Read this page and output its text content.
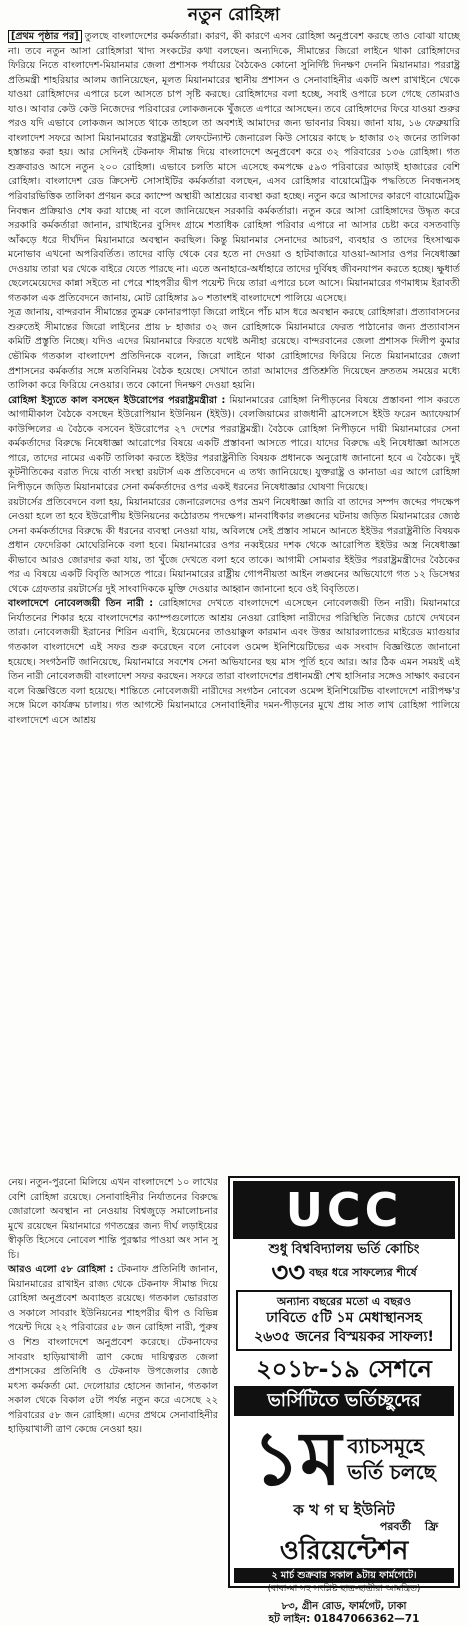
নতুন রোহিঙ্গা

[প্রথম পৃষ্ঠার পর] তুলছে বাংলাদেশের কর্মকর্তারা। কারণ, কী কারণে এসব রোহিঙ্গা অনুপ্রবেশ করছে তাও বোঝা যাচ্ছে না। তবে নতুন আসা রোহিঙ্গারা খাদ্য সংকটের কথা বলছেন। অন্যদিকে, সীমান্তের জিরো লাইনে থাকা রোহিঙ্গাদের ফিরিয়ে নিতে বাংলাদেশ-মিয়ানমার জেলা প্রশাসক পর্যায়ের বৈঠকেও কোনো সুনির্দিষ্ট দিনক্ষণ দেননি মিয়ানমার। পররাষ্ট্র প্রতিমন্ত্রী শাহরিয়ার আলম জানিয়েছেন, মূলত মিয়ানমারের স্থানীয় প্রশাসন ও সেনাবাহিনীর একটি অংশ রাখাইনে থেকে যাওয়া রোহিঙ্গাদের এপারে চলে আসতে চাপ সৃষ্টি করছে। রোহিঙ্গাদের বলা হচ্ছে, সবাই ওপারে চলে গেছে তোমরাও যাও। আবার কেউ কেউ নিজেদের পরিবারের লোকজনকে খুঁজতে এপারে আসছেন। তবে রোহিঙ্গাদের ফিরে যাওয়া শুরুর পরও যদি এভাবে লোকজন আসতে থাকে তাহলে তা অবশ্যই আমাদের জন্য ভাবনার বিষয়। জানা যায়, ১৬ ফেব্রুয়ারি বাংলাদেশ সফরে আসা মিয়ানমারের স্বরাষ্ট্রমন্ত্রী লেফটেন্যান্ট জেনারেল কিউ সোয়ের কাছে ৮ হাজার ৩২ জনের তালিকা হস্তান্তর করা হয়। আর সেদিনই টেকনাফ সীমান্ত দিয়ে বাংলাদেশে অনুপ্রবেশ করে ৩২ পরিবারের ১৩৬ রোহিঙ্গা। গত শুক্রবারও আসে নতুন ২০০ রোহিঙ্গা। এভাবে চলতি মাসে এসেছে কমপক্ষে ৫৯৩ পরিবারের আড়াই হাজারের বেশি রোহিঙ্গা। বাংলাদেশ রেড ক্রিসেন্ট সোসাইটির কর্মকর্তারা বলছেন, এসব রোহিঙ্গার বায়োমেট্রিক পদ্ধতিতে নিবন্ধনসহ পরিবারভিত্তিক তালিকা প্রণয়ন করে ক্যাম্পে অস্থায়ী আশ্রয়ের ব্যবস্থা করা হচ্ছে। নতুন করে আসাদের কারণে বায়োমেট্রিক নিবন্ধন প্রক্রিয়াও শেষ করা যাচ্ছে না বলে জানিয়েছেন সরকারি কর্মকর্তারা। নতুন করে আসা রোহিঙ্গাদের উদ্ধৃত করে সরকারি কর্মকর্তারা জানান, রাখাইনের বুসিদং গ্রামে শতাধিক রোহিঙ্গা পরিবার এপারে না আসার চেষ্টা করে বসতবাড়ি আঁকড়ে ধরে দীর্ঘদিন মিয়ানমারে অবস্থান করছিল। কিন্তু মিয়ানমার সেনাদের আচরণ, ব্যবহার ও তাদের হিংসাত্মক মনোভাব এখনো অপরিবর্তিত। তাদের বাড়ি থেকে বের হতে না দেওয়া ও হাটবাজারে যাওয়া-আসার ওপর নিষেধাজ্ঞা দেওয়ায় তারা ঘর থেকে বাইরে যেতে পারছে না। এতে অনাহারে-অর্ধাহারে তাদের দুর্বিষহ জীবনযাপন করতে হচ্ছে। ক্ষুধার্ত ছেলেমেয়েদের কান্না সইতে না পেরে শাহপরীর দ্বীপ পয়েন্ট দিয়ে তারা এপারে চলে আসে। মিয়ানমারের গণমাধ্যম ইরাবতী গতকাল এক প্রতিবেদনে জানায়, মোট রোহিঙ্গার ৯০ শতাংশই বাংলাদেশে পালিয়ে এসেছে।

সূত্র জানায়, বান্দরবান সীমান্তের তুমব্রু কোনারপাড়া জিরো লাইনে পাঁচ মাস ধরে অবস্থান করছে রোহিঙ্গারা। প্রত্যাবাসনের শুরুতেই সীমান্তের জিরো লাইনের প্রায় ৮ হাজার ৩২ জন রোহিঙ্গাকে মিয়ানমারে ফেরত পাঠানোর জন্য প্রত্যাবাসন কমিটি প্রস্তুতি নিচ্ছে। যদিও এদের মিয়ানমারে ফিরতে যথেষ্ট অনীহা রয়েছে। বান্দরবানের জেলা প্রশাসক দিলীপ কুমার ভৌমিক গতকাল বাংলাদেশ প্রতিদিনকে বলেন, জিরো লাইনে থাকা রোহিঙ্গাদের ফিরিয়ে নিতে মিয়ানমারের জেলা প্রশাসনের কর্মকর্তার সঙ্গে মতবিনিময় বৈঠক হয়েছে। সেখানে তারা আমাদের প্রতিশ্রুতি দিয়েছেন দ্রুততম সময়ের মধ্যে তালিকা করে ফিরিয়ে নেওয়ার। তবে কোনো দিনক্ষণ দেওয়া হয়নি।

রোহিঙ্গা ইস্যুতে কাল বসছেন ইউরোপের পররাষ্ট্রমন্ত্রীরা : মিয়ানমারের রোহিঙ্গা নিপীড়নের বিষয়ে প্রস্তাবনা পাস করতে আগামীকাল বৈঠকে বসছেন ইউরোপিয়ান ইউনিয়ন (ইইউ)। বেলজিয়ামের রাজধানী ব্রাসেলসে ইইউ ফরেন অ্যাফেয়ার্স কাউন্সিলের এ বৈঠকে বসবেন ইউরোপের ২৭ দেশের পররাষ্ট্রমন্ত্রী। বৈঠকে রোহিঙ্গা নিপীড়নে দায়ী মিয়ানমারের সেনা কর্মকর্তাদের বিরুদ্ধে নিষেধাজ্ঞা আরোপের বিষয়ে একটি প্রস্তাবনা আসতে পারে। যাদের বিরুদ্ধে এই নিষেধাজ্ঞা আসতে পারে, তাদের নামের একটি তালিকা করতে ইইউর পররাষ্ট্রনীতি বিষয়ক প্রধানকে অনুরোধ জানানো হবে এ বৈঠকে। দুই কূটনীতিকের বরাত দিয়ে বার্তা সংস্থা রয়টার্স এক প্রতিবেদনে এ তথ্য জানিয়েছে। যুক্তরাষ্ট্র ও কানাডা এর আগে রোহিঙ্গা নিপীড়নে জড়িত মিয়ানমারের সেনা কর্মকর্তাদের ওপর একই ধরনের নিষেধাজ্ঞার ঘোষণা দিয়েছে।

রয়টার্সের প্রতিবেদনে বলা হয়, মিয়ানমারের জেনারেলদের ওপর ভ্রমণ নিষেধাজ্ঞা জারি বা তাদের সম্পদ জব্দের পদক্ষেপ নেওয়া হলে তা হবে ইউরোপীয় ইউনিয়নের কঠোরতম পদক্ষেপ। মানবাধিকার লঙ্ঘনের ঘটনায় জড়িত মিয়ানমারের জ্যেষ্ঠ সেনা কর্মকর্তাদের বিরুদ্ধে কী ধরনের ব্যবস্থা নেওয়া যায়, অবিলম্বে সেই প্রস্তাব সামনে আনতে ইইউর পররাষ্ট্রনীতি বিষয়ক প্রধান ফেদেরিকা মোঘেরিনিকে বলা হবে। মিয়ানমারের ওপর নব্বইয়ের দশক থেকে আরোপিত ইইউর অস্ত্র নিষেধাজ্ঞা কীভাবে আরও জোরদার করা যায়, তা খুঁজে দেখতে বলা হবে তাকে। আগামী সোমবার ইইউর পররাষ্ট্রমন্ত্রীদের বৈঠকের পর এ বিষয়ে একটি বিবৃতি আসতে পারে। মিয়ানমারের রাষ্ট্রীয় গোপনীয়তা আইন লঙ্ঘনের অভিযোগে গত ১২ ডিসেম্বর থেকে গ্রেফতার রয়টার্সের দুই সাংবাদিককে মুক্তি দেওয়ার আহ্বান জানানো হবে ওই বিবৃতিতে।

বাংলাদেশে নোবেলজয়ী তিন নারী : রোহিঙ্গাদের দেখতে বাংলাদেশে এসেছেন নোবেলজয়ী তিন নারী। মিয়ানমারে নির্যাতনের শিকার হয়ে বাংলাদেশের ক্যাম্পগুলোতে আশ্রয় নেওয়া রোহিঙ্গা নারীদের পরিস্থিতি নিজের চোখে দেখবেন তারা। নোবেলজয়ী ইরানের শিরিন এবাদি, ইয়েমেনের তাওয়াক্কুল কারমান এবং উত্তর আয়ারল্যান্ডের মাইরেড ম্যাগুয়ার গতকাল বাংলাদেশে এই সফর শুরু করেছেন বলে নোবেল ওমেন্স ইনিশিয়েটিভের এক সংবাদ বিজ্ঞপ্তিতে জানানো হয়েছে। সংগঠনটি জানিয়েছে, মিয়ানমারে সবশেষ সেনা অভিযানের ছয় মাস পূর্তি হবে আর। আর ঠিক এমন সময়ই এই তিন নারী নোবেলজয়ী বাংলাদেশ সফর করছেন। সফরে তারা বাংলাদেশের প্রধানমন্ত্রী শেখ হাসিনার সঙ্গেও সাক্ষাৎ করবেন বলে বিজ্ঞপ্তিতে বলা হয়েছে। শান্তিতে নোবেলজয়ী নারীদের সংগঠন নোবেল ওমেন্স ইনিশিয়েটিভ বাংলাদেশে নারীপক্ষ'র সঙ্গে মিলে কার্যক্রম চালায়। গত আগস্টে মিয়ানমারে সেনাবাহিনীর দমন-পীড়নের মুখে প্রায় সাত লাখ রোহিঙ্গা পালিয়ে বাংলাদেশে এসে আশ্রয়

নেয়। নতুন-পুরনো মিলিয়ে এখন বাংলাদেশে ১০ লাখের বেশি রোহিঙ্গা রয়েছে। সেনাবাহিনীর নির্যাতনের বিরুদ্ধে জোরালো অবস্থান না নেওয়ায় বিশ্বজুড়ে সমালোচনার মুখে রয়েছেন মিয়ানমারে গণতন্ত্রের জন্য দীর্ঘ লড়াইয়ের স্বীকৃতি হিসেবে নোবেল শান্তি পুরস্কার পাওয়া অং সান সু চি।

আরও এলো ৫৮ রোহিঙ্গা : টেকনাফ প্রতিনিধি জানান, মিয়ানমারের রাখাইন রাজ্য থেকে টেকনাফ সীমান্ত দিয়ে রোহিঙ্গা অনুপ্রবেশ অব্যাহত রয়েছে। গতকাল ভোররাত ও সকালে সাবরাং ইউনিয়নের শাহপরীর দ্বীপ ও বিভিন্ন পয়েন্ট দিয়ে ২২ পরিবারের ৫৮ জন রোহিঙ্গা নারী, পুরুষ ও শিশু বাংলাদেশে অনুপ্রবেশ করেছে। টেকনাফের সাবরাং হাড়িয়াখালী ত্রাণ কেন্দ্রে দায়িত্বরত জেলা প্রশাসকের প্রতিনিধি ও টেকনাফ উপজেলার জ্যেষ্ঠ মৎস্য কর্মকর্তা মো. দেলোয়ার হোসেন জানান, গতকাল সকাল থেকে বিকাল ৫টা পর্যন্ত নতুন করে এসেছে ২২ পরিবারের ৫৮ জন রোহিঙ্গা। এদের প্রথমে সেনাবাহিনীর হাড়িয়াখালী ত্রাণ কেন্দ্রে নেওয়া হয়।

UCC
শুধু বিশ্ববিদ্যালয় ভর্তি কোচিং
৩৩ বছর ধরে সাফল্যের শীর্ষে
অন্যান্য বছরের মতো এ বছরও
ঢাবিতে ৫টি ১ম মেধাস্থানসহ
২৬৩৫ জনের বিস্ময়কর সাফল্য!
২০১৮-১৯ সেশনে
ভার্সিটিতে ভর্তিচ্ছুদের
১ম ব্যাচসমূহে
ভর্তি চলছে
ক খ গ ঘ ইউনিট
পরবর্তী ফ্রি
ওরিয়েন্টেশন
২ মার্চ শুক্রবার সকাল ৯টায় ফার্মগেটে।
(বাবা-মা সহ সংশ্লিষ্ট ছাত্র-ছাত্রীরা আমন্ত্রিত)
৮৩, গ্রীন রোড, ফার্মগেট, ঢাকা
হট লাইন: 01847066362—71
